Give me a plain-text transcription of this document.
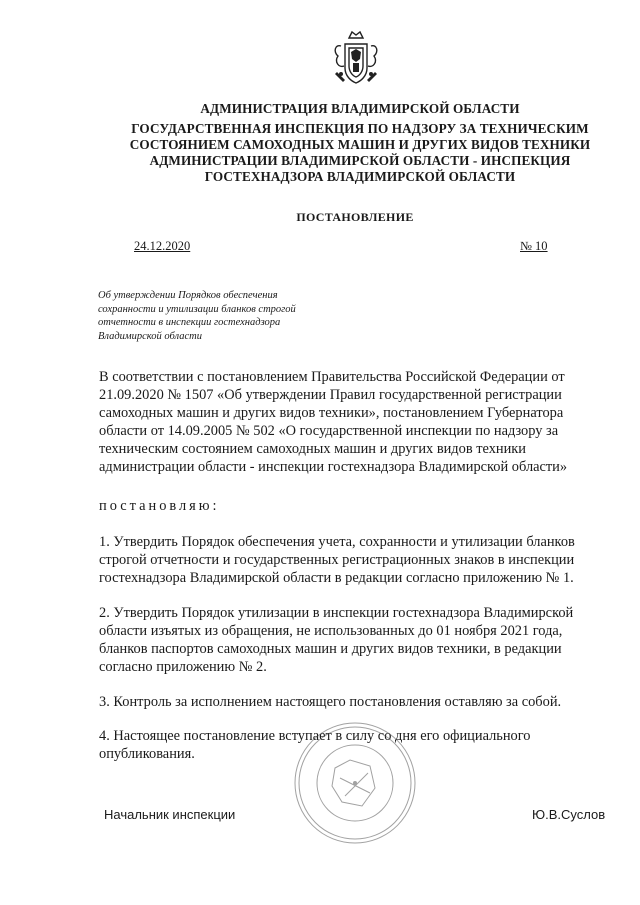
АДМИНИСТРАЦИЯ ВЛАДИМИРСКОЙ ОБЛАСТИ
ГОСУДАРСТВЕННАЯ ИНСПЕКЦИЯ ПО НАДЗОРУ ЗА ТЕХНИЧЕСКИМ
СОСТОЯНИЕМ САМОХОДНЫХ МАШИН И ДРУГИХ ВИДОВ ТЕХНИКИ
АДМИНИСТРАЦИИ ВЛАДИМИРСКОЙ ОБЛАСТИ - ИНСПЕКЦИЯ
ГОСТЕХНАДЗОРА ВЛАДИМИРСКОЙ ОБЛАСТИ
ПОСТАНОВЛЕНИЕ
24.12.2020	№ 10
Об утверждении Порядков обеспечения
сохранности и утилизации бланков строгой
отчетности в инспекции гостехнадзора
Владимирской области
В соответствии с постановлением Правительства Российской Федерации от
21.09.2020 № 1507 «Об утверждении Правил государственной регистрации
самоходных машин и других видов техники», постановлением Губернатора
области от 14.09.2005 № 502 «О государственной инспекции по надзору за
техническим состоянием самоходных машин и других видов техники
администрации области - инспекции гостехнадзора Владимирской области»
постановляю:
1. Утвердить Порядок обеспечения учета, сохранности и утилизации бланков
строгой отчетности и государственных регистрационных знаков в инспекции
гостехнадзора Владимирской области в редакции согласно приложению № 1.
2. Утвердить Порядок утилизации в инспекции гостехнадзора Владимирской
области изъятых из обращения, не использованных до 01 ноября 2021 года,
бланков паспортов самоходных машин и других видов техники, в редакции
согласно приложению № 2.
3. Контроль за исполнением настоящего постановления оставляю за собой.
4. Настоящее постановление вступает в силу со дня его официального
опубликования.
Начальник инспекции	Ю.В.Суслов
